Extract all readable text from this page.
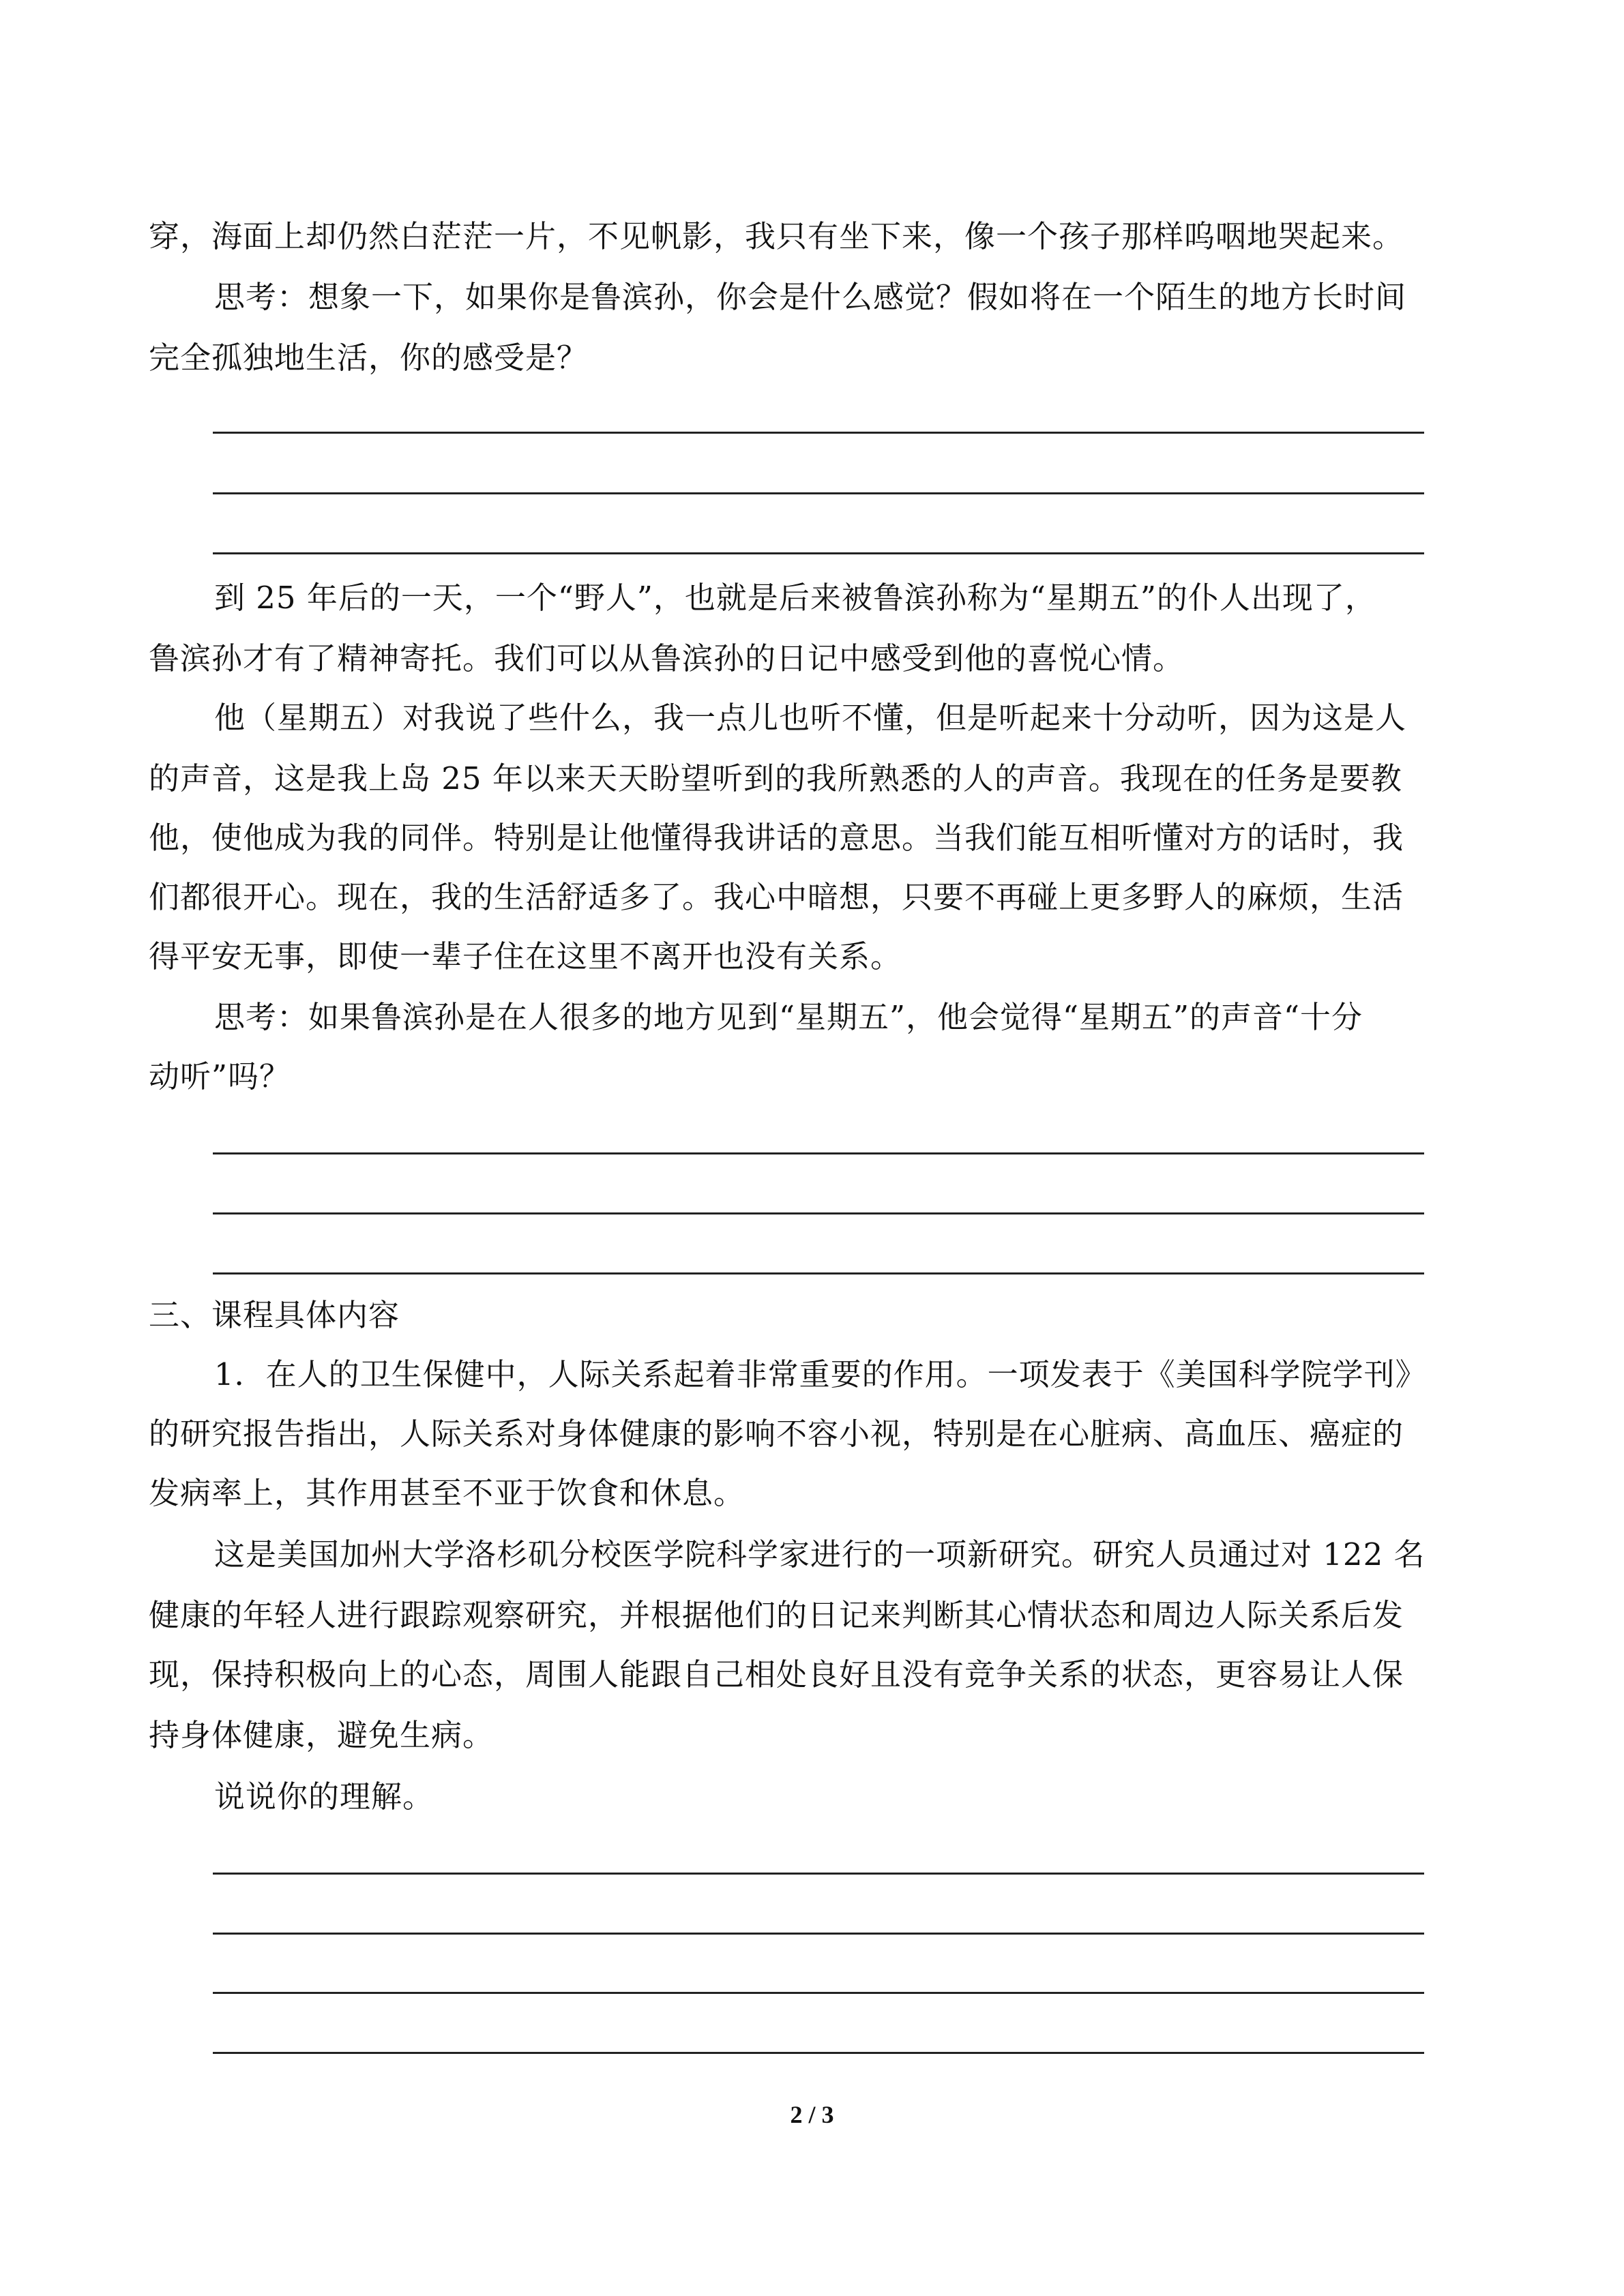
穿，海面上却仍然白茫茫一片，不见帆影，我只有坐下来，像一个孩子那样呜咽地哭起来。
思考：想象一下，如果你是鲁滨孙，你会是什么感觉？假如将在一个陌生的地方长时间
完全孤独地生活，你的感受是？
到 25 年后的一天，一个“野人”，也就是后来被鲁滨孙称为“星期五”的仆人出现了，
鲁滨孙才有了精神寄托。我们可以从鲁滨孙的日记中感受到他的喜悦心情。
他（星期五）对我说了些什么，我一点儿也听不懂，但是听起来十分动听，因为这是人
的声音，这是我上岛 25 年以来天天盼望听到的我所熟悉的人的声音。我现在的任务是要教
他，使他成为我的同伴。特别是让他懂得我讲话的意思。当我们能互相听懂对方的话时，我
们都很开心。现在，我的生活舒适多了。我心中暗想，只要不再碰上更多野人的麻烦，生活
得平安无事，即使一辈子住在这里不离开也没有关系。
思考：如果鲁滨孙是在人很多的地方见到“星期五”，他会觉得“星期五”的声音“十分
动听”吗？
三、课程具体内容
1．在人的卫生保健中，人际关系起着非常重要的作用。一项发表于《美国科学院学刊》
的研究报告指出，人际关系对身体健康的影响不容小视，特别是在心脏病、高血压、癌症的
发病率上，其作用甚至不亚于饮食和休息。
这是美国加州大学洛杉矶分校医学院科学家进行的一项新研究。研究人员通过对 122 名
健康的年轻人进行跟踪观察研究，并根据他们的日记来判断其心情状态和周边人际关系后发
现，保持积极向上的心态，周围人能跟自己相处良好且没有竞争关系的状态，更容易让人保
持身体健康，避免生病。
说说你的理解。
2 / 3
